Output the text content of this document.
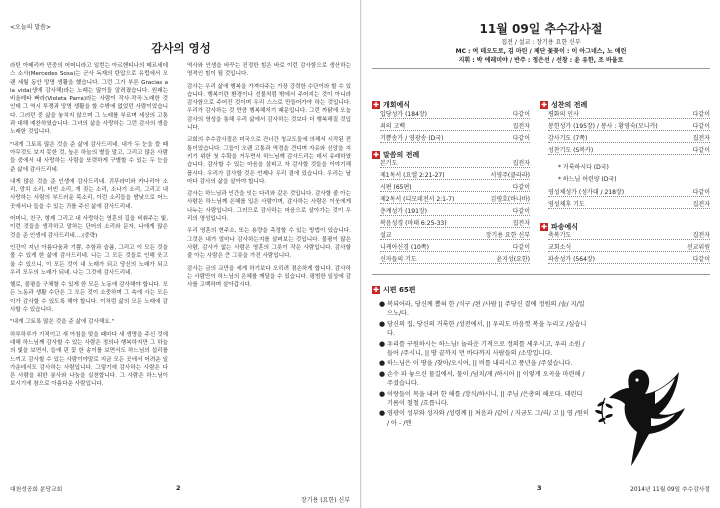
<오늘의 말씀>
감사의 영성

라틴 아메리카 민중의 어머니라고 일컫는 아르헨티나의 메르세데스 소사(Mercedes Sosa)는 군사 독재의 탄압으로 유럽에서 오랜 세월 동안 망명 생활을 했습니다. 그런 그가 부른 Gracias a la vida(생에 감사해)라는 노래는 많이들 알려졌습니다. 원래는 비올레타 빠라(Violeta Parra)라는 사람이 작사·작곡·노래한 것인데 그 역시 투쟁과 망명 생활을 할 수밖에 없었던 사람이었습니다. 그러던 중 삶을 놓치지 않으며 그 노래를 부르며 세상의 고통과 대해 예찬하였습니다. 그녀의 삶을 사랑하는 그런 감사의 생을 노래한 것입니다.

"내게 그토록 많은 것을 준 삶에 감사드리네. 내가 두 눈을 뜰 때 아무것도 보지 못한 것, 높은 하늘의 별들 말고, 그리고 많은 사람들 중에서 내 사랑하는 사람을 또렷하게 구별할 수 있는 두 눈을 준 삶에 감사드리네.

내게 많은 것을 준 인생에 감사드리네. 귀뚜라미와 카나리아 소리, 망치 소리, 터빈 소리, 개 짖는 소리, 소나기 소리, 그리고 내 사랑하는 사람의 부드러운 목소리, 이런 소리들을 밤낮으로 어느 곳에서나 들을 수 있는 귀를 주신 삶에 감사드리네.

어머니, 친구, 형제 그리고 내 사랑하는 영혼의 길을 비춰주는 빛, 이런 것들을 생각하고 말하는 단어의 소리와 문자, 나에게 많은 것을 준 인생에 감사드리네.…(중략)

인간이 지닌 아름다움과 기쁨, 추함과 슬픔, 그리고 이 모든 것을 볼 수 있게 한 삶에 감사드리네. 나는 그 모든 것들로 인해 웃고 울 수 있으니, 이 모든 것이 내 노래가 되고 당신의 노래가 되고 우리 모두의 노래가 되네. 나는 그것에 감사드리네.

헬로, 불평을 구체할 수 있게 한 모든 노동에 감사해야 합니다. 모든 노동과 생활 수단은 그 모든 것이 소중하며 그 속에 사는 모든 이가 감사할 수 있도록 해야 합니다. 이처럼 삶의 모든 노래에 감사할 수 있습니다.

"내게 그토록 많은 것을 준 삶에 감사해요."

하루하루가 기적이고 새 아침을 맞을 때마다 새 생명을 주신 것에 대해 하느님께 감사할 수 있는 사람은 정의나 행복하지만 그 하늘의 빛을 보면서, 들에 핀 꽃 한 송이를 보면서도 하느님의 섭리를 느끼고 감사할 수 있는 사람이야말로 지금 모든 곳에서 어려운 일 가운데서도 감사하는 사람입니다. 그렇기에 감사하는 사람은 다른 사람을 위한 봉사와 나눔을 실천합니다. 그 사람은 하느님이 보시기에 참으로 아름다운 사람입니다.

역사와 인생을 바꾸는 진정한 힘은 바로 이런 감사함으로 생산하는 영적인 힘이 될 것입니다.

감사는 우리 삶에 행복을 가져다주는 가장 강력한 수단이라 할 수 있습니다. 행복이란 환경이나 선물처럼 밖에서 주어지는 것이 아니라 감사함으로 주어진 것이며 우리 스스로 만들어가야 하는 것입니다. 우리가 감사하는 것 만큼 행복해지기 때문입니다. 그런 까닭에 오늘 감사의 영성을 통해 우리 삶에서 감사하는 것보다 더 행복해질 것입니다.

교회의 추수감사절은 미국으로 건너간 청교도들에 의해서 시작된 전통이었습니다. 그들이 오랜 고통과 역경을 견디며 자유와 신앙을 지키기 위한 첫 수확을 거두면서 하느님께 감사드리는 데서 유래하였습니다. 감사할 수 있는 마음을 살피고 자 감사할 것들을 이야기해 봅시다. 우리가 감사할 것은 언제나 우리 곁에 있습니다. 우리는 날마다 감사의 삶을 살아야 합니다.

감사는 하느님과 인간을 잇는 다리와 같은 것입니다. 감사할 줄 아는 사람은 하느님께 은혜를 입은 사람이며, 감사하는 사람은 이웃에게 나누는 사람입니다. 그러므로 감사하는 마음으로 살아가는 것이 우리의 영성입니다.

우리 영혼의 현주소, 또는 용량을 측정할 수 있는 방법이 있습니다. 그것은 내가 얼마나 감사하는지를 살펴보는 것입니다. 불평이 많은 사람, 감사가 없는 사람은 영혼의 그릇이 작은 사람입니다. 감사할 줄 아는 사람은 큰 그릇을 가진 사람입니다.

감사는 금의 교만을 세게 하기보다 오히려 겸손하게 합니다. 감사하는 사람만이 하느님의 은혜를 깨달을 수 있습니다. 평범한 일상에 감사를 고백하며 살아갑시다.

장기용 (요한) 신부
대천성공회 분당교회	2
11월 09일 추수감사절
집전 / 설교 : 장기용 요한 신부
MC : 여 데오도로, 김 마틴 / 제단 꽃꽂이 : 이 아그네스, 노 애린
지휘 : 박 에레미야 / 반주 : 정은선 / 선창 : 윤 유한, 조 바울로
✚ 개회예식
입당성가 (184장)	다같이
죄의 고백	집전자
기쁨송가 / 영광송 (D국)	다같이
✚ 말씀의 전례
본기도	집전자
제1독서 (요엘 2:21-27)	서영주(클라라)
시편 (65편)	다같이
제2독서 (디모데전서 2:1-7)	김평호(바나바)
층계성가 (191장)	다같이
복음성경 (마태 6:25-33)	집전자
설교	장기용 요한 신부
니케아신경 (10쪽)	다같이
신자들의 기도	윤지성(요한)
✚ 성찬의 전례
평화의 인사	다같이
봉헌성가 (195장) / 봉사 : 황영숙(모니카)	다같이
감사기도 (7쪽)	집전자
성찬기도 (S복카)	다같이
* 거룩하시다 (D국)
* 하느님 어린양 (D국)
영성체성가 (성가대 / 218장)	다같이
영성체후 기도	집전자
✚ 파송예식
축복기도	집전자
교회소식	선교위원
파송성가 (564장)	다같이
✚ 시편 65편
● 복되어라, 당신께 뽑혀 한 /식구 /된 /사람 || 주당신 곁에 정원의 /솔/ 지/일으노/다.
● 당신의 집, 당신의 거룩한 /성전에서, || 우리도 마음껏 복을 누리고 /싶습니다.
● 우리를 구원하시는 하느님! 놀라운 기적으로 정의를 세우시고, 우리 소원 /들어 /주시니, || 땅 끝까지 먼 바다까지 사람들의 /소망입니다.
● 하느님은 이 땅을 /찾아/오시어, || 비를 내리시고 풍년을 /주셨습니다.
● 손수 파 놓으신 물길에서, 물이 /넘치/게 /하시어 || 이렇게 오곡을 마련해 /주셨습니다.
● 이랑들이 목을 내려 한 해를 /장식/하시니, || 주님 /은총의 해로다. 데린디 기름이 철철 /흐릅니다.
● 영광이 성부와 성자와 /성령께 || 처음과 /같이 / 지금도 그/리/ 고 || 영 /원히 / 아 - /멘
3	2014년 11월 09일 추수감사절
